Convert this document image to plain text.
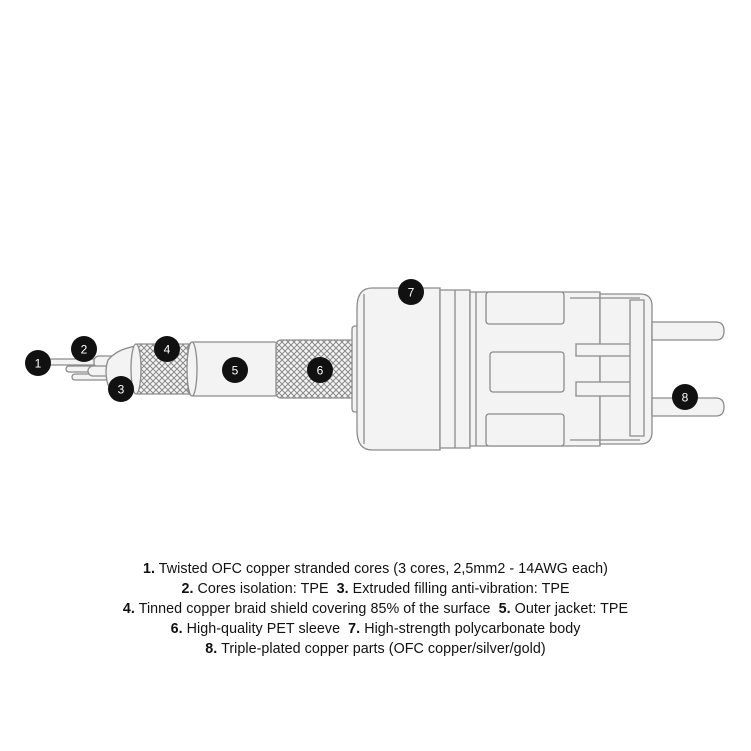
1
2
3
4
5	6
7
8
1. Twisted OFC copper stranded cores (3 cores, 2,5mm2 - 14AWG each)
2. Cores isolation: TPE  3. Extruded filling anti-vibration: TPE
4. Tinned copper braid shield covering 85% of the surface  5. Outer jacket: TPE
6. High-quality PET sleeve  7. High-strength polycarbonate body
8. Triple-plated copper parts (OFC copper/silver/gold)
